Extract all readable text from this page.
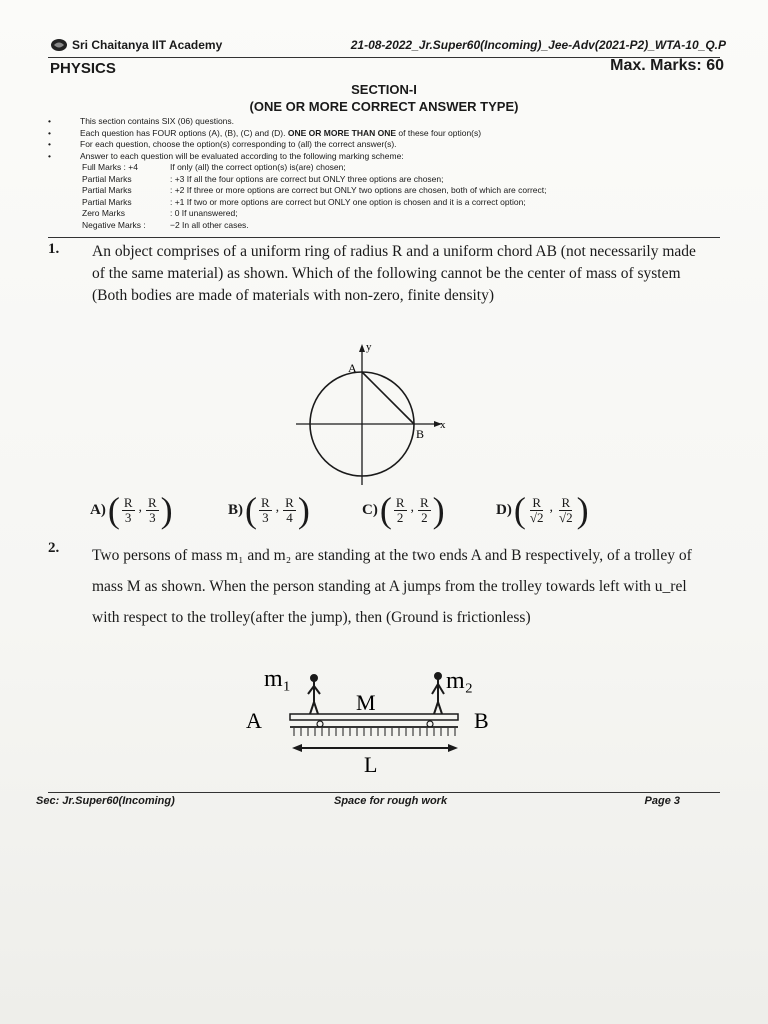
Sri Chaitanya IIT Academy	21-08-2022_Jr.Super60(Incoming)_Jee-Adv(2021-P2)_WTA-10_Q.P
PHYSICS	Max. Marks: 60
SECTION-I
(ONE OR MORE CORRECT ANSWER TYPE)
•	This section contains SIX (06) questions.
•	Each question has FOUR options (A), (B), (C) and (D). ONE OR MORE THAN ONE of these four option(s)
•	For each question, choose the option(s) corresponding to (all) the correct answer(s).
•	Answer to each question will be evaluated according to the following marking scheme:
Full Marks : +4	If only (all) the correct option(s) is(are) chosen;
Partial Marks	: +3 If all the four options are correct but ONLY three options are chosen;
Partial Marks	: +2 If three or more options are correct but ONLY two options are chosen, both of which are correct;
Partial Marks	: +1 If two or more options are correct but ONLY one option is chosen and it is a correct option;
Zero Marks	: 0 If unanswered;
Negative Marks :	−2 In all other cases.
1. An object comprises of a uniform ring of radius R and a uniform chord AB (not necessarily made of the same material) as shown. Which of the following cannot be the center of mass of system (Both bodies are made of materials with non-zero, finite density)
y
x
A
B
A) ( $\frac{R}{3}$ , $\frac{R}{3}$ )	B) ( $\frac{R}{3}$ , $\frac{R}{4}$ )	C) ( $\frac{R}{2}$ , $\frac{R}{2}$ )	D) ( $\frac{R}{√2}$ , $\frac{R}{√2}$ )
2. Two persons of mass m₁ and m₂ are standing at the two ends A and B respectively, of a trolley of mass M as shown. When the person standing at A jumps from the trolley towards left with u_rel with respect to the trolley(after the jump), then (Ground is frictionless)
m₁	m₂
M
A	B
L
Sec: Jr.Super60(Incoming)	Space for rough work	Page 3
